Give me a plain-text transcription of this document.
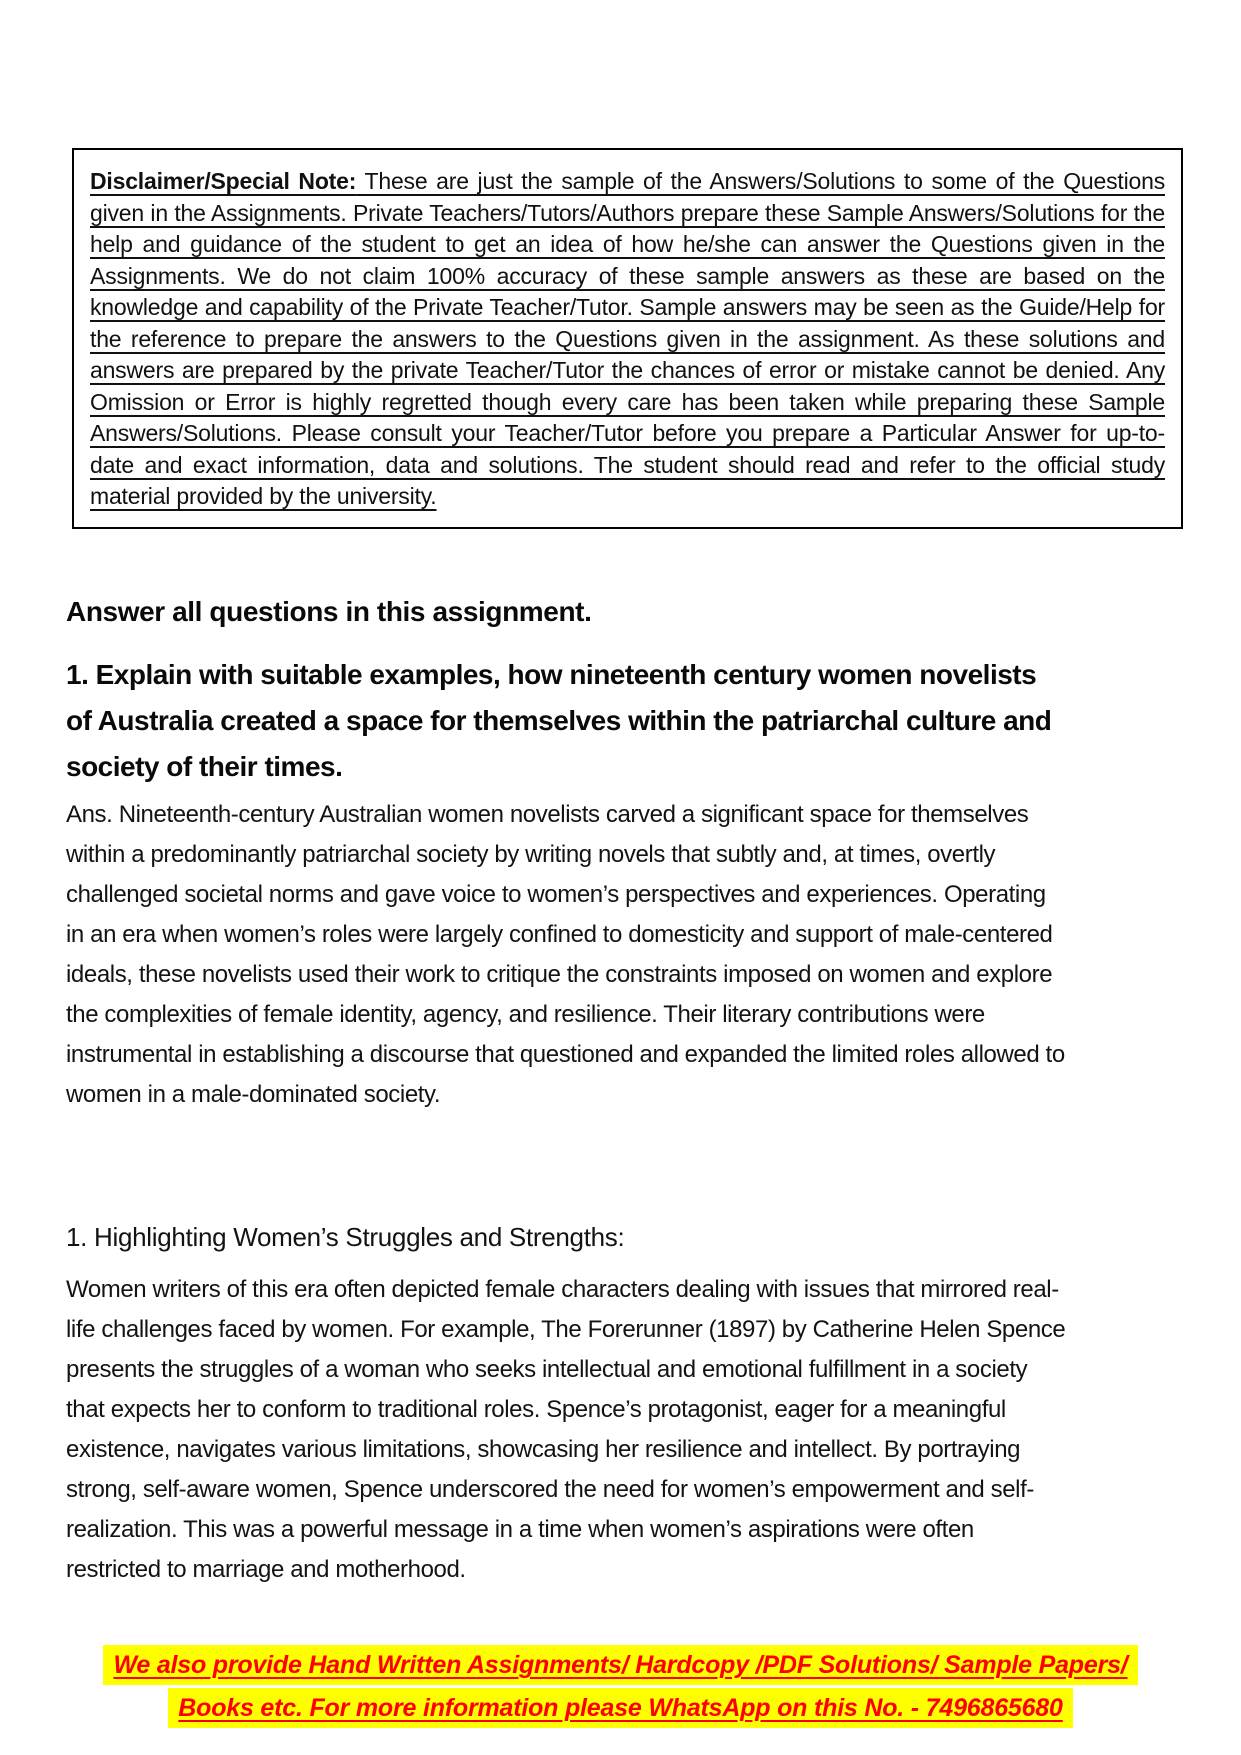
Disclaimer/Special Note: These are just the sample of the Answers/Solutions to some of the Questions given in the Assignments. Private Teachers/Tutors/Authors prepare these Sample Answers/Solutions for the help and guidance of the student to get an idea of how he/she can answer the Questions given in the Assignments. We do not claim 100% accuracy of these sample answers as these are based on the knowledge and capability of the Private Teacher/Tutor. Sample answers may be seen as the Guide/Help for the reference to prepare the answers to the Questions given in the assignment. As these solutions and answers are prepared by the private Teacher/Tutor the chances of error or mistake cannot be denied. Any Omission or Error is highly regretted though every care has been taken while preparing these Sample Answers/Solutions. Please consult your Teacher/Tutor before you prepare a Particular Answer for up-to-date and exact information, data and solutions. The student should read and refer to the official study material provided by the university.

Answer all questions in this assignment.
1. Explain with suitable examples, how nineteenth century women novelists of Australia created a space for themselves within the patriarchal culture and society of their times.

Ans. Nineteenth-century Australian women novelists carved a significant space for themselves within a predominantly patriarchal society by writing novels that subtly and, at times, overtly challenged societal norms and gave voice to women’s perspectives and experiences. Operating in an era when women’s roles were largely confined to domesticity and support of male-centered ideals, these novelists used their work to critique the constraints imposed on women and explore the complexities of female identity, agency, and resilience. Their literary contributions were instrumental in establishing a discourse that questioned and expanded the limited roles allowed to women in a male-dominated society.

1. Highlighting Women’s Struggles and Strengths:

Women writers of this era often depicted female characters dealing with issues that mirrored real-life challenges faced by women. For example, The Forerunner (1897) by Catherine Helen Spence presents the struggles of a woman who seeks intellectual and emotional fulfillment in a society that expects her to conform to traditional roles. Spence’s protagonist, eager for a meaningful existence, navigates various limitations, showcasing her resilience and intellect. By portraying strong, self-aware women, Spence underscored the need for women’s empowerment and self-realization. This was a powerful message in a time when women’s aspirations were often restricted to marriage and motherhood.

We also provide Hand Written Assignments/ Hardcopy /PDF Solutions/ Sample Papers/
Books etc. For more information please WhatsApp on this No. - 7496865680
